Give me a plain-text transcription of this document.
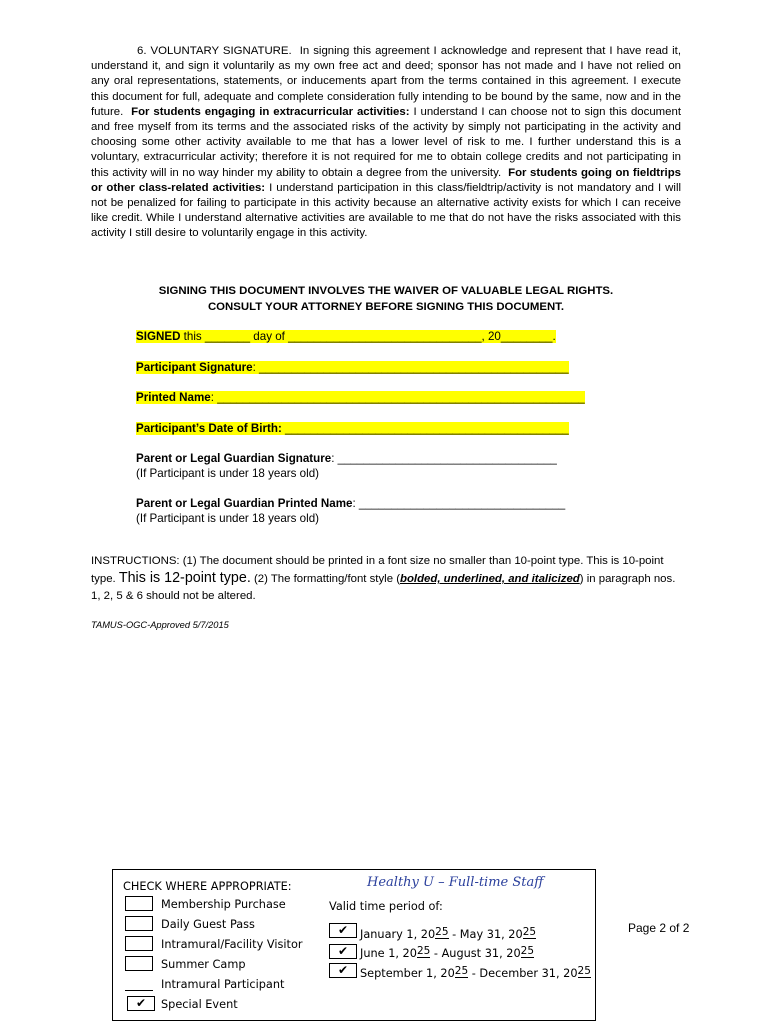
6. VOLUNTARY SIGNATURE. In signing this agreement I acknowledge and represent that I have read it, understand it, and sign it voluntarily as my own free act and deed; sponsor has not made and I have not relied on any oral representations, statements, or inducements apart from the terms contained in this agreement. I execute this document for full, adequate and complete consideration fully intending to be bound by the same, now and in the future. For students engaging in extracurricular activities: I understand I can choose not to sign this document and free myself from its terms and the associated risks of the activity by simply not participating in the activity and choosing some other activity available to me that has a lower level of risk to me. I further understand this is a voluntary, extracurricular activity; therefore it is not required for me to obtain college credits and not participating in this activity will in no way hinder my ability to obtain a degree from the university. For students going on fieldtrips or other class-related activities: I understand participation in this class/fieldtrip/activity is not mandatory and I will not be penalized for failing to participate in this activity because an alternative activity exists for which I can receive like credit. While I understand alternative activities are available to me that do not have the risks associated with this activity I still desire to voluntarily engage in this activity.

SIGNING THIS DOCUMENT INVOLVES THE WAIVER OF VALUABLE LEGAL RIGHTS.
CONSULT YOUR ATTORNEY BEFORE SIGNING THIS DOCUMENT.
SIGNED this _______ day of ______________________________, 20________.
Participant Signature: ________________________________________________
Printed Name: _________________________________________________________
Participant’s Date of Birth: ____________________________________________
Parent or Legal Guardian Signature: __________________________________
(If Participant is under 18 years old)
Parent or Legal Guardian Printed Name: ________________________________
(If Participant is under 18 years old)

INSTRUCTIONS: (1) The document should be printed in a font size no smaller than 10-point type. This is 10-point type. This is 12-point type. (2) The formatting/font style (bolded, underlined, and italicized) in paragraph nos. 1, 2, 5 & 6 should not be altered.

TAMUS-OGC-Approved 5/7/2015
CHECK WHERE APPROPRIATE:	Healthy U – Full-time Staff
Membership Purchase
Daily Guest Pass
Intramural/Facility Visitor
Summer Camp
Intramural Participant
✔	Special Event
Valid time period of:
✔	January 1, 2025 - May 31, 2025
✔	June 1, 2025 - August 31, 2025
✔	September 1, 2025 - December 31, 2025
Page 2 of 2
